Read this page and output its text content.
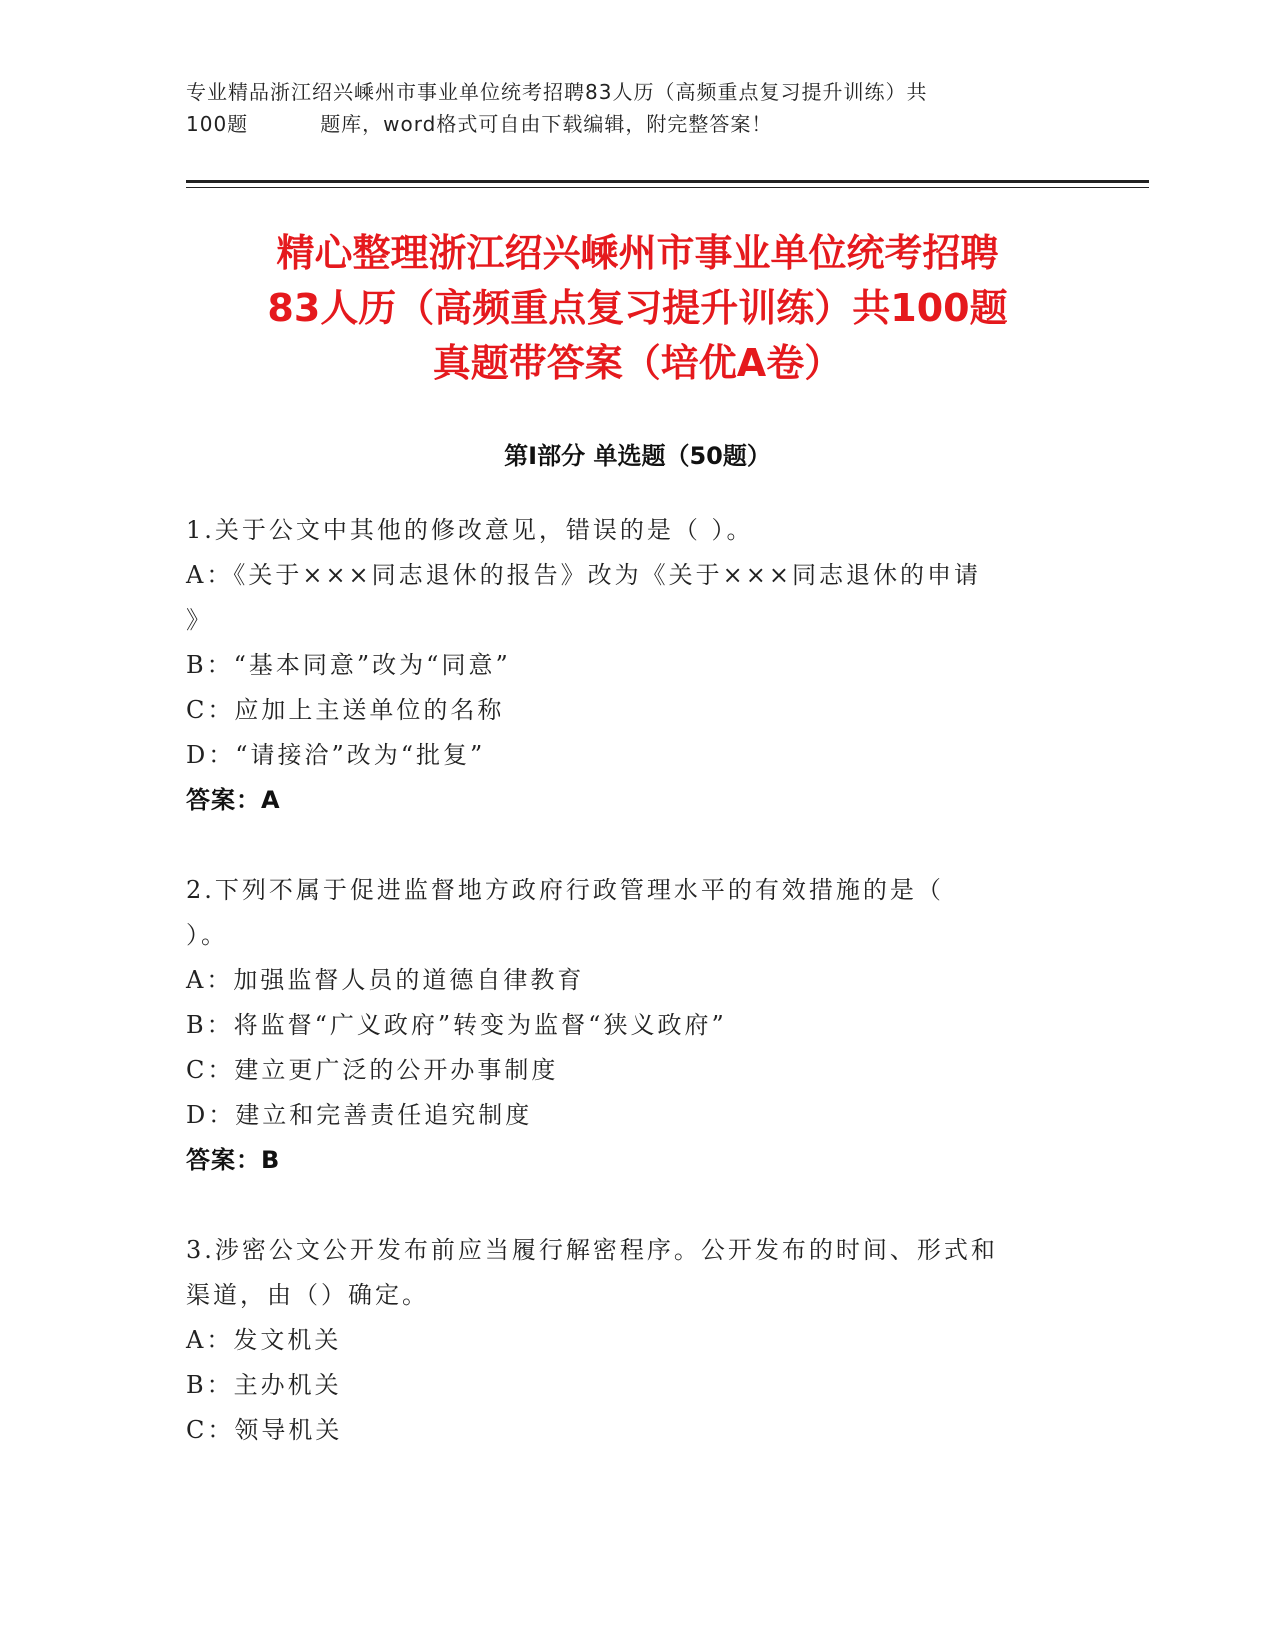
专业精品浙江绍兴嵊州市事业单位统考招聘83人历（高频重点复习提升训练）共
100题	题库，word格式可自由下载编辑，附完整答案！
精心整理浙江绍兴嵊州市事业单位统考招聘
83人历（高频重点复习提升训练）共100题
真题带答案（培优A卷）
第Ⅰ部分 单选题（50题）
1.关于公文中其他的修改意见，错误的是（ ）。
A：《关于×××同志退休的报告》改为《关于×××同志退休的申请
》
B：“基本同意”改为“同意”
C：应加上主送单位的名称
D：“请接洽”改为“批复”
答案：A
2.下列不属于促进监督地方政府行政管理水平的有效措施的是（
）。
A：加强监督人员的道德自律教育
B：将监督“广义政府”转变为监督“狭义政府”
C：建立更广泛的公开办事制度
D：建立和完善责任追究制度
答案：B
3.涉密公文公开发布前应当履行解密程序。公开发布的时间、形式和
渠道，由（）确定。
A：发文机关
B：主办机关
C：领导机关
